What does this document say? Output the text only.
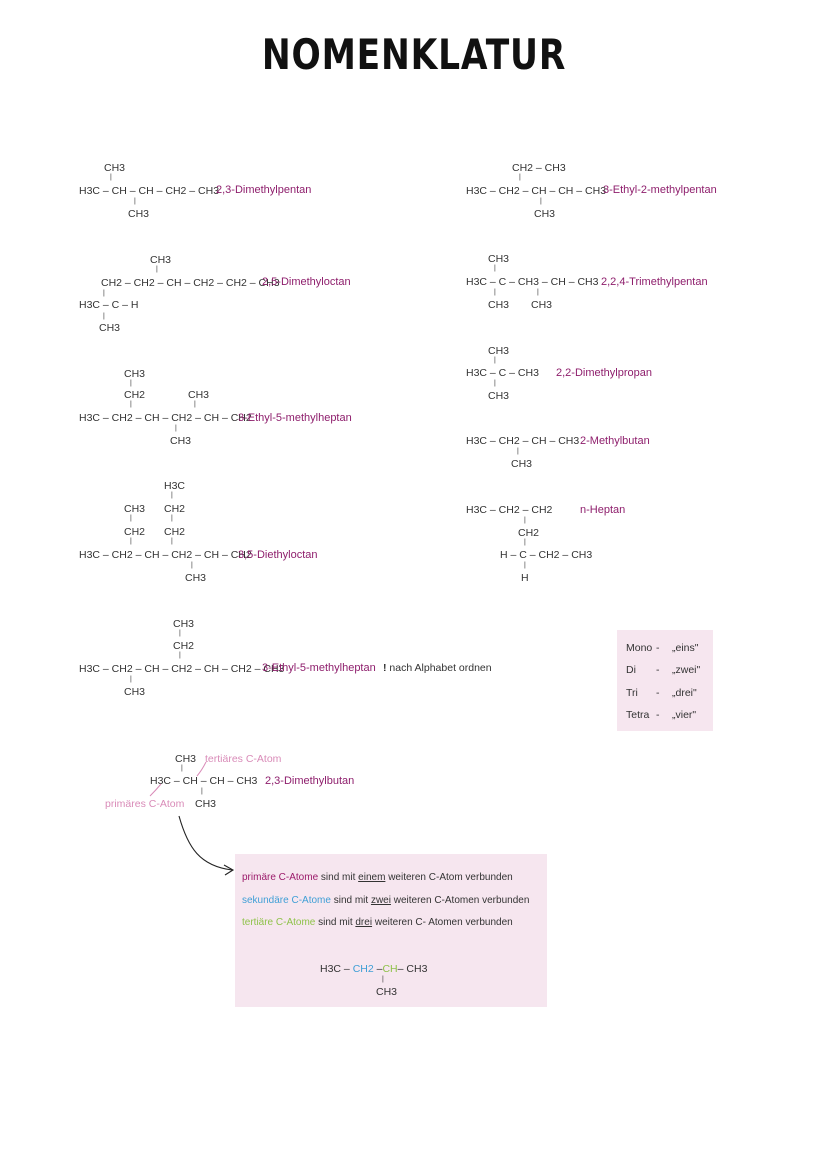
NOMENKLATUR
CH3
|
H3C – CH – CH – CH2 – CH3
|
CH3
2,3-Dimethylpentan
CH2 – CH3
|
H3C – CH2 – CH – CH – CH3
|
CH3
3-Ethyl-2-methylpentan
CH3
|
CH2 – CH2 – CH – CH2 – CH2 – CH3
|
H3C – C – H
|
CH3
2,5-Dimethyloctan
CH3
|
H3C – C – CH3 – CH – CH3
|	|
CH3 CH3
2,2,4-Trimethylpentan
CH3
|
CH2	CH3
|	|
H3C – CH2 – CH – CH2 – CH – CH2
|
CH3
3-Ethyl-5-methylheptan
CH3
|
H3C – C – CH3
|
CH3
2,2-Dimethylpropan
H3C – CH2 – CH – CH3
|
CH3
2-Methylbutan
H3C
|
CH3 CH2
|	|
CH2 CH2
|	|
H3C – CH2 – CH – CH2 – CH – CH2
|
CH3
3,5-Diethyloctan
H3C – CH2 – CH2
|
CH2
|
H – C – CH2 – CH3
|
H
n-Heptan
CH3
|
CH2
|
H3C – CH2 – CH – CH2 – CH – CH2 – CH3
|
CH3
3-Ethyl-5-methylheptan ! nach Alphabet ordnen
Mono - „eins"
Di - „zwei"
Tri - „drei"
Tetra - „vier"
CH3 tertiäres C-Atom
|
H3C – CH – CH – CH3
|
primäres C-Atom CH3
2,3-Dimethylbutan
primäre C-Atome sind mit einem weiteren C-Atom verbunden
sekundäre C-Atome sind mit zwei weiteren C-Atomen verbunden
tertiäre C-Atome sind mit drei weiteren C- Atomen verbunden
H3C – CH2 –CH– CH3
|
CH3
